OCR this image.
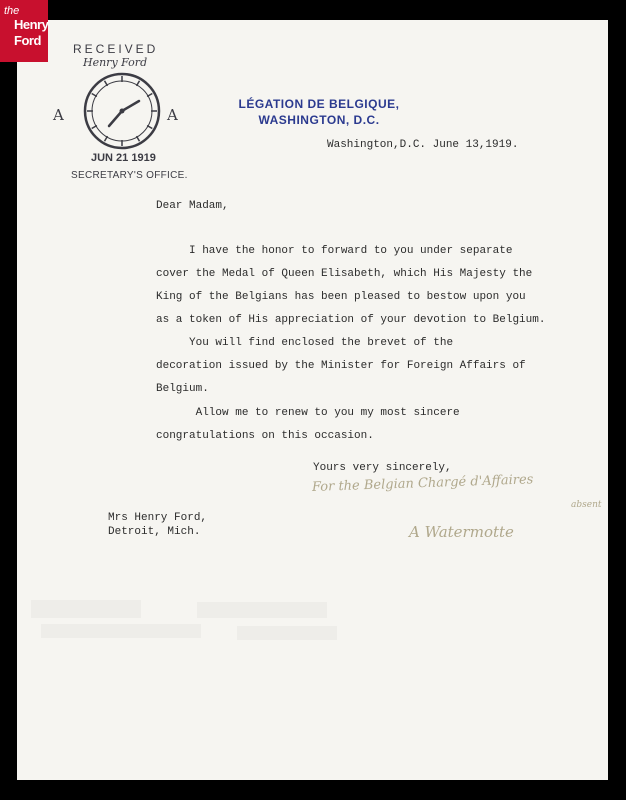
the
Henry
Ford
RECEIVED
Henry Ford
A	A
JUN 21 1919
SECRETARY'S OFFICE.
LÉGATION DE BELGIQUE,
WASHINGTON, D.C.
Washington,D.C. June 13,1919.
Dear Madam,
I have the honor to forward to you under separate
cover the Medal of Queen Elisabeth, which His Majesty the
King of the Belgians has been pleased to bestow upon you
as a token of His appreciation of your devotion to Belgium.
You will find enclosed the brevet of the
decoration issued by the Minister for Foreign Affairs of
Belgium.
Allow me to renew to you my most sincere
congratulations on this occasion.
Yours very sincerely,
For the Belgian Chargé d'Affaires
absent
A Watermotte
Mrs Henry Ford,
Detroit, Mich.
